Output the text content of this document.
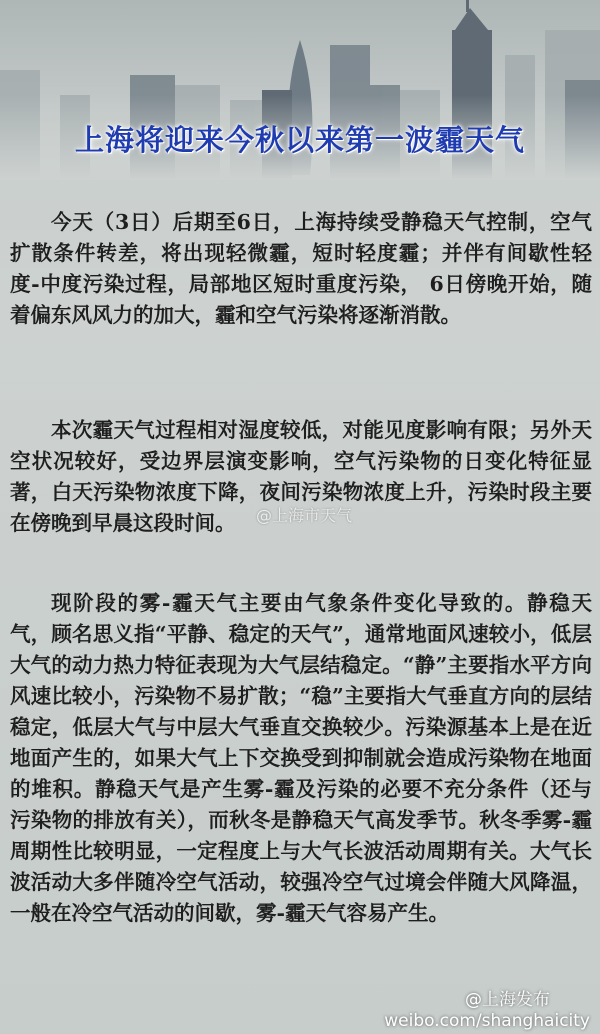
上海将迎来今秋以来第一波霾天气

今天（3日）后期至6日，上海持续受静稳天气控制，空气扩散条件转差，将出现轻微霾，短时轻度霾；并伴有间歇性轻度-中度污染过程，局部地区短时重度污染， 6日傍晚开始，随着偏东风风力的加大，霾和空气污染将逐渐消散。

本次霾天气过程相对湿度较低，对能见度影响有限；另外天空状况较好，受边界层演变影响，空气污染物的日变化特征显著，白天污染物浓度下降，夜间污染物浓度上升，污染时段主要在傍晚到早晨这段时间。

现阶段的雾-霾天气主要由气象条件变化导致的。静稳天气，顾名思义指“平静、稳定的天气”，通常地面风速较小，低层大气的动力热力特征表现为大气层结稳定。“静”主要指水平方向风速比较小，污染物不易扩散；“稳”主要指大气垂直方向的层结稳定，低层大气与中层大气垂直交换较少。污染源基本上是在近地面产生的，如果大气上下交换受到抑制就会造成污染物在地面的堆积。静稳天气是产生雾-霾及污染的必要不充分条件（还与污染物的排放有关），而秋冬是静稳天气高发季节。秋冬季雾-霾周期性比较明显，一定程度上与大气长波活动周期有关。大气长波活动大多伴随冷空气活动，较强冷空气过境会伴随大风降温，一般在冷空气活动的间歇，雾-霾天气容易产生。

@上海市天气
@上海发布
weibo.com/shanghaicity
